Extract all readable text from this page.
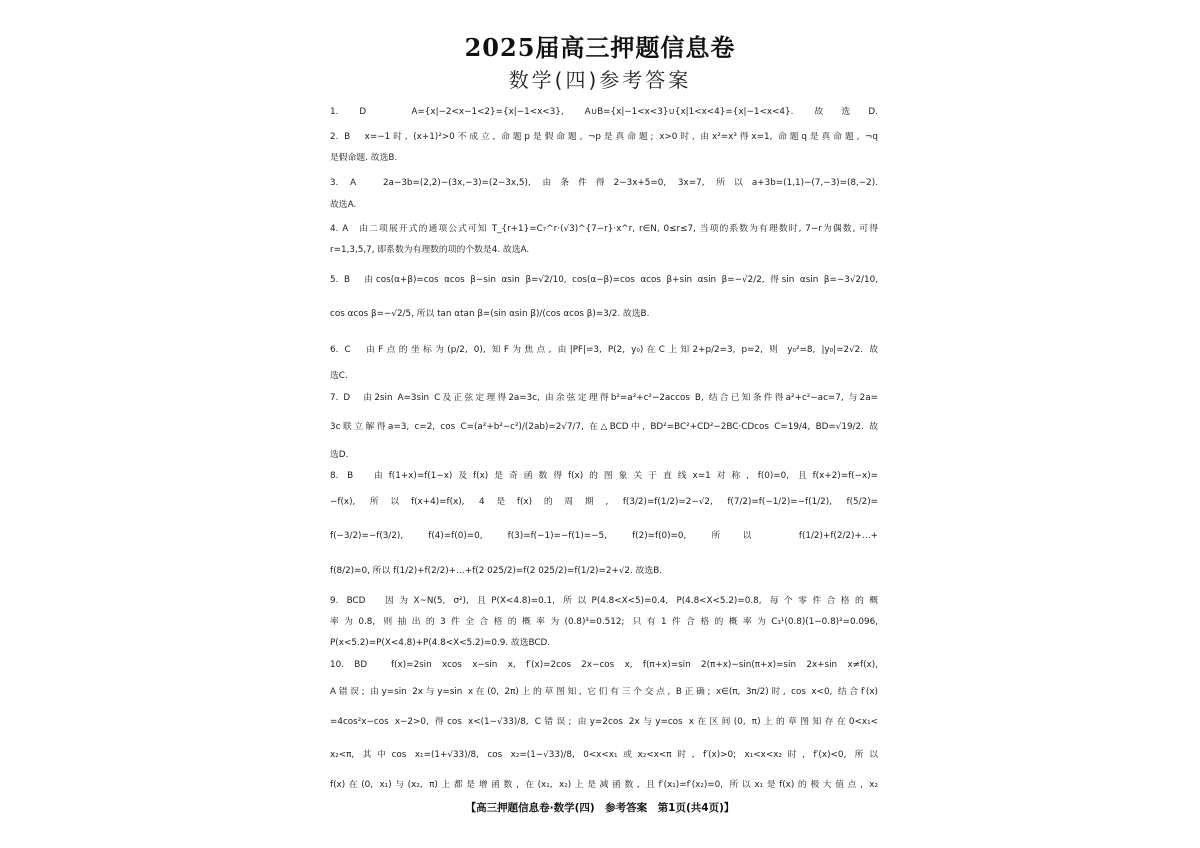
2025届高三押题信息卷
数学(四)参考答案
1. D　A={x|−2<x−1<2}={x|−1<x<3}, A∪B={x|−1<x<3}∪{x|1<x<4}={x|−1<x<4}. 故选D.
2. B　x=−1时, (x+1)²>0不成立, 命题p是假命题, ¬p是真命题; x>0时, 由x²=x³得x=1, 命题q是真命题, ¬q
是假命题. 故选B.
3. A　2a−3b=(2,2)−(3x,−3)=(2−3x,5), 由条件得2−3x+5=0, 3x=7, 所以a+3b=(1,1)−(7,−3)=(8,−2).
故选A.
4. A　由二项展开式的通项公式可知 T_{r+1}=C₇^r·(√3)^{7−r}·x^r, r∈N, 0≤r≤7, 当项的系数为有理数时, 7−r为偶数, 可得
r=1,3,5,7, 即系数为有理数的项的个数是4. 故选A.
5. B　由cos(α+β)=cos αcos β−sin αsin β=√2/10, cos(α−β)=cos αcos β+sin αsin β=−√2/2, 得sin αsin β=−3√2/10,
cos αcos β=−√2/5, 所以 tan αtan β=(sin αsin β)/(cos αcos β)=3/2. 故选B.
6. C　由F点的坐标为(p/2, 0), 知F为焦点, 由|PF|=3, P(2, y₀)在C上知2+p/2=3, p=2, 则 y₀²=8, |y₀|=2√2. 故
选C.
7. D　由2sin A=3sin C及正弦定理得2a=3c, 由余弦定理得b²=a²+c²−2accos B, 结合已知条件得a²+c²−ac=7, 与2a=
3c联立解得a=3, c=2, cos C=(a²+b²−c²)/(2ab)=2√7/7, 在△BCD中, BD²=BC²+CD²−2BC·CDcos C=19/4, BD=√19/2. 故
选D.
8. B　由f(1+x)=f(1−x)及f(x)是奇函数得f(x)的图象关于直线x=1对称, f(0)=0, 且f(x+2)=f(−x)=
−f(x), 所以f(x+4)=f(x), 4是f(x)的周期, f(3/2)=f(1/2)=2−√2, f(7/2)=f(−1/2)=−f(1/2), f(5/2)=
f(−3/2)=−f(3/2), f(4)=f(0)=0, f(3)=f(−1)=−f(1)=−5, f(2)=f(0)=0, 所以 f(1/2)+f(2/2)+…+
f(8/2)=0, 所以 f(1/2)+f(2/2)+…+f(2 025/2)=f(2 025/2)=f(1/2)=2+√2. 故选B.
9. BCD　因为X~N(5, σ²), 且P(X<4.8)=0.1, 所以P(4.8<X<5)=0.4, P(4.8<X<5.2)=0.8, 每个零件合格的概
率为0.8, 则抽出的3件全合格的概率为(0.8)³=0.512; 只有1件合格的概率为C₃¹(0.8)(1−0.8)²=0.096,
P(x<5.2)=P(X<4.8)+P(4.8<X<5.2)=0.9. 故选BCD.
10. BD　f(x)=2sin xcos x−sin x, f′(x)=2cos 2x−cos x, f(π+x)=sin 2(π+x)−sin(π+x)=sin 2x+sin x≠f(x),
A错误; 由y=sin 2x与y=sin x在(0, 2π)上的草图知, 它们有三个交点, B正确; x∈(π, 3π/2)时, cos x<0, 结合f′(x)
=4cos²x−cos x−2>0, 得cos x<(1−√33)/8, C错误; 由y=2cos 2x与y=cos x在区间(0, π)上的草图知存在0<x₁<
x₂<π, 其中cos x₁=(1+√33)/8, cos x₂=(1−√33)/8, 0<x<x₁或x₂<x<π时, f′(x)>0; x₁<x<x₂时, f′(x)<0, 所以
f(x)在(0, x₁)与(x₂, π)上都是增函数, 在(x₁, x₂)上是减函数, 且f′(x₁)=f′(x₂)=0, 所以x₁是f(x)的极大值点, x₂
【高三押题信息卷·数学(四)　参考答案　第1页(共4页)】
